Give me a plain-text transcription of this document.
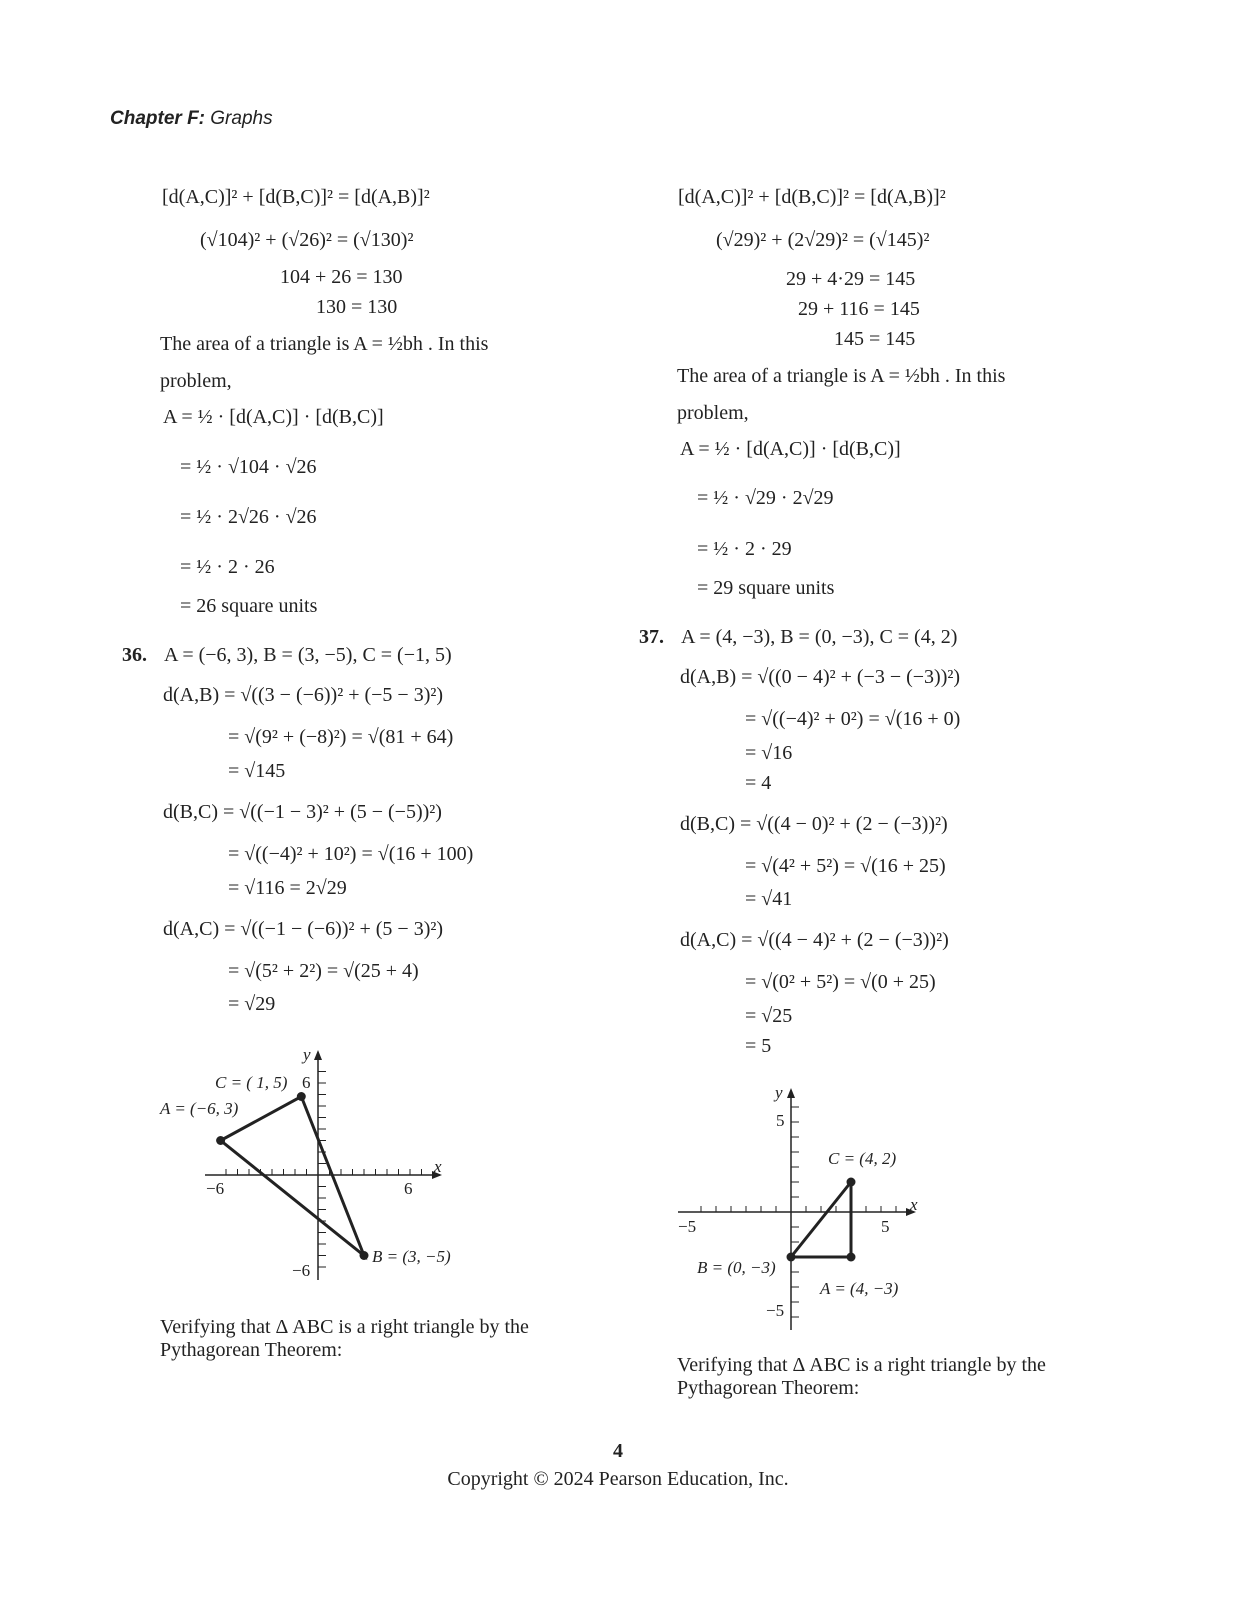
Chapter F: Graphs
[d(A,C)]² + [d(B,C)]² = [d(A,B)]²
(√104)² + (√26)² = (√130)²
104 + 26 = 130
130 = 130
The area of a triangle is A = ½bh . In this
problem,
A = ½ · [d(A,C)] · [d(B,C)]
= ½ · √104 · √26
= ½ · 2√26 · √26
= ½ · 2 · 26
= 26 square units
36. A = (−6, 3), B = (3, −5), C = (−1, 5)
d(A,B) = √((3 − (−6))² + (−5 − 3)²)
= √(9² + (−8)²) = √(81 + 64)
= √145
d(B,C) = √((−1 − 3)² + (5 − (−5))²)
= √((−4)² + 10²) = √(16 + 100)
= √116 = 2√29
d(A,C) = √((−1 − (−6))² + (5 − 3)²)
= √(5² + 2²) = √(25 + 4)
= √29
A = (−6, 3)
C = ( 1, 5)
B = (3, −5)
y
x
6
−6
−6	6
Verifying that Δ ABC is a right triangle by the
Pythagorean Theorem:
[d(A,C)]² + [d(B,C)]² = [d(A,B)]²
(√29)² + (2√29)² = (√145)²
29 + 4·29 = 145
29 + 116 = 145
145 = 145
The area of a triangle is A = ½bh . In this
problem,
A = ½ · [d(A,C)] · [d(B,C)]
= ½ · √29 · 2√29
= ½ · 2 · 29
= 29 square units
37. A = (4, −3), B = (0, −3), C = (4, 2)
d(A,B) = √((0 − 4)² + (−3 − (−3))²)
= √((−4)² + 0²) = √(16 + 0)
= √16
= 4
d(B,C) = √((4 − 0)² + (2 − (−3))²)
= √(4² + 5²) = √(16 + 25)
= √41
d(A,C) = √((4 − 4)² + (2 − (−3))²)
= √(0² + 5²) = √(0 + 25)
= √25
= 5
C = (4, 2)
B = (0, −3)
A = (4, −3)
y
x
5
−5
−5	5
Verifying that Δ ABC is a right triangle by the
Pythagorean Theorem:
4
Copyright © 2024 Pearson Education, Inc.
